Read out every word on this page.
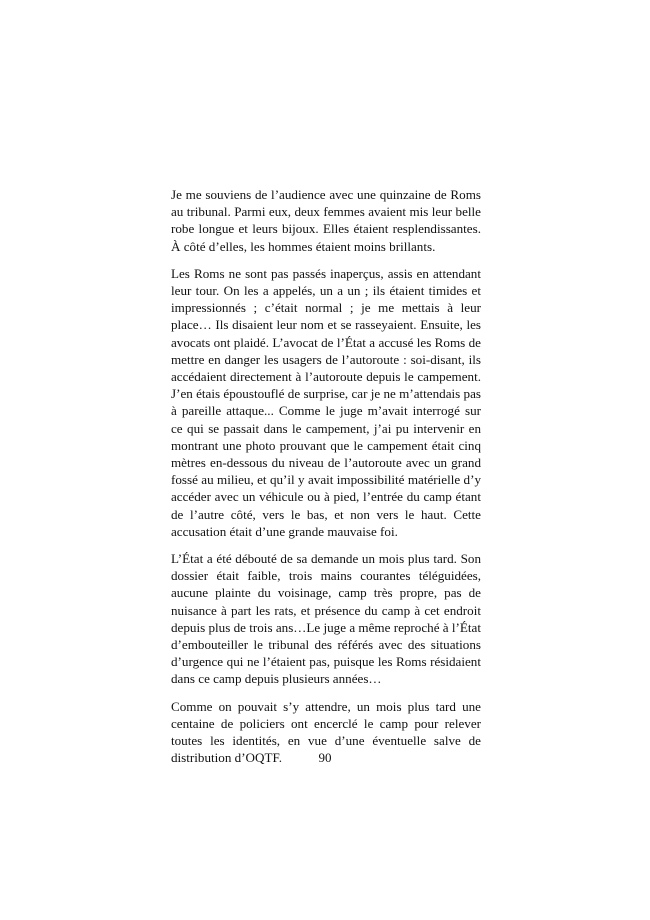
Je me souviens de l’audience avec une quinzaine de Roms au tribunal. Parmi eux, deux femmes avaient mis leur belle robe longue et leurs bijoux. Elles étaient resplendissantes. À côté d’elles, les hommes étaient moins brillants.

Les Roms ne sont pas passés inaperçus, assis en attendant leur tour. On les a appelés, un a un ; ils étaient timides et impressionnés ; c’était normal ; je me mettais à leur place… Ils disaient leur nom et se rasseyaient. Ensuite, les avocats ont plaidé. L’avocat de l’État a accusé les Roms de mettre en danger les usagers de l’autoroute : soi-disant, ils accédaient directement à l’autoroute depuis le campement. J’en étais époustouflé de surprise, car je ne m’attendais pas à pareille attaque... Comme le juge m’avait interrogé sur ce qui se passait dans le campement, j’ai pu intervenir en montrant une photo prouvant que le campement était cinq mètres en-dessous du niveau de l’autoroute avec un grand fossé au milieu, et qu’il y avait impossibilité matérielle d’y accéder avec un véhicule ou à pied, l’entrée du camp étant de l’autre côté, vers le bas, et non vers le haut. Cette accusation était d’une grande mauvaise foi.

L’État a été débouté de sa demande un mois plus tard. Son dossier était faible, trois mains courantes téléguidées, aucune plainte du voisinage, camp très propre, pas de nuisance à part les rats, et présence du camp à cet endroit depuis plus de trois ans…Le juge a même reproché à l’État d’embouteiller le tribunal des référés avec des situations d’urgence qui ne l’étaient pas, puisque les Roms résidaient dans ce camp depuis plusieurs années…

Comme on pouvait s’y attendre, un mois plus tard une centaine de policiers ont encerclé le camp pour relever toutes les identités, en vue d’une éventuelle salve de distribution d’OQTF.	90
